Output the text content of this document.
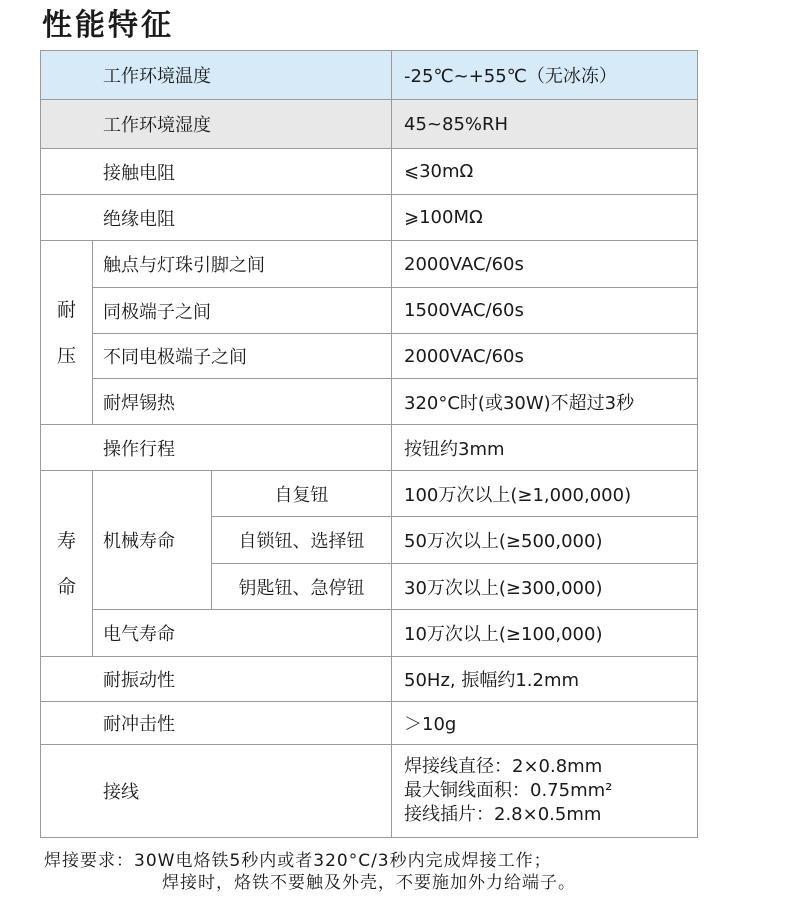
性能特征
工作环境温度			-25℃~+55℃（无冰冻）
工作环境湿度			45~85%RH
接触电阻			⩽30mΩ
绝缘电阻			⩾100MΩ

耐
压	触点与灯珠引脚之间		2000VAC/60s
	同极端子之间		1500VAC/60s
	不同电极端子之间		2000VAC/60s
	耐焊锡热		320°C时(或30W)不超过3秒
操作行程			按钮约3mm

寿
命	机械寿命	自复钮	100万次以上(≥1,000,000)
		自锁钮、选择钮	50万次以上(≥500,000)
		钥匙钮、急停钮	30万次以上(≥300,000)
	电气寿命		10万次以上(≥100,000)
耐振动性			50Hz, 振幅约1.2mm
耐冲击性			＞10g
接线			焊接线直径：2×0.8mm
最大铜线面积：0.75mm²
接线插片：2.8×0.5mm
焊接要求：30W电烙铁5秒内或者320°C/3秒内完成焊接工作；
焊接时，烙铁不要触及外壳，不要施加外力给端子。
